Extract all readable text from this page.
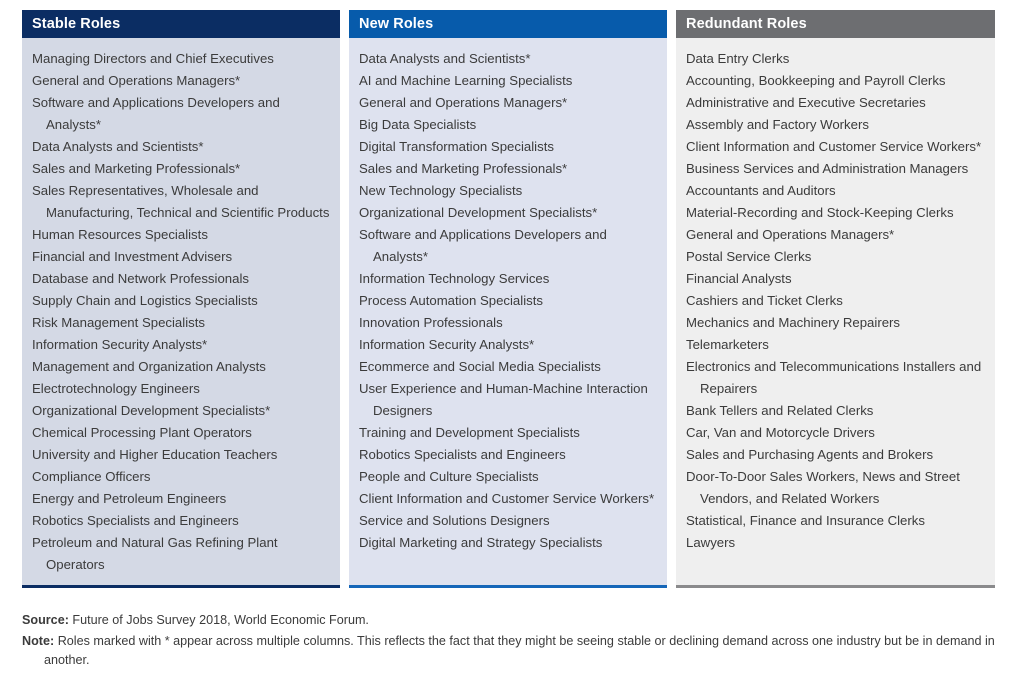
Stable Roles
Managing Directors and Chief Executives
General and Operations Managers*
Software and Applications Developers and Analysts*
Data Analysts and Scientists*
Sales and Marketing Professionals*
Sales Representatives, Wholesale and Manufacturing, Technical and Scientific Products
Human Resources Specialists
Financial and Investment Advisers
Database and Network Professionals
Supply Chain and Logistics Specialists
Risk Management Specialists
Information Security Analysts*
Management and Organization Analysts
Electrotechnology Engineers
Organizational Development Specialists*
Chemical Processing Plant Operators
University and Higher Education Teachers
Compliance Officers
Energy and Petroleum Engineers
Robotics Specialists and Engineers
Petroleum and Natural Gas Refining Plant Operators
New Roles
Data Analysts and Scientists*
AI and Machine Learning Specialists
General and Operations Managers*
Big Data Specialists
Digital Transformation Specialists
Sales and Marketing Professionals*
New Technology Specialists
Organizational Development Specialists*
Software and Applications Developers and Analysts*
Information Technology Services
Process Automation Specialists
Innovation Professionals
Information Security Analysts*
Ecommerce and Social Media Specialists
User Experience and Human-Machine Interaction Designers
Training and Development Specialists
Robotics Specialists and Engineers
People and Culture Specialists
Client Information and Customer Service Workers*
Service and Solutions Designers
Digital Marketing and Strategy Specialists
Redundant Roles
Data Entry Clerks
Accounting, Bookkeeping and Payroll Clerks
Administrative and Executive Secretaries
Assembly and Factory Workers
Client Information and Customer Service Workers*
Business Services and Administration Managers
Accountants and Auditors
Material-Recording and Stock-Keeping Clerks
General and Operations Managers*
Postal Service Clerks
Financial Analysts
Cashiers and Ticket Clerks
Mechanics and Machinery Repairers
Telemarketers
Electronics and Telecommunications Installers and Repairers
Bank Tellers and Related Clerks
Car, Van and Motorcycle Drivers
Sales and Purchasing Agents and Brokers
Door-To-Door Sales Workers, News and Street Vendors, and Related Workers
Statistical, Finance and Insurance Clerks
Lawyers
Source: Future of Jobs Survey 2018, World Economic Forum.
Note: Roles marked with * appear across multiple columns. This reflects the fact that they might be seeing stable or declining demand across one industry but be in demand in another.
